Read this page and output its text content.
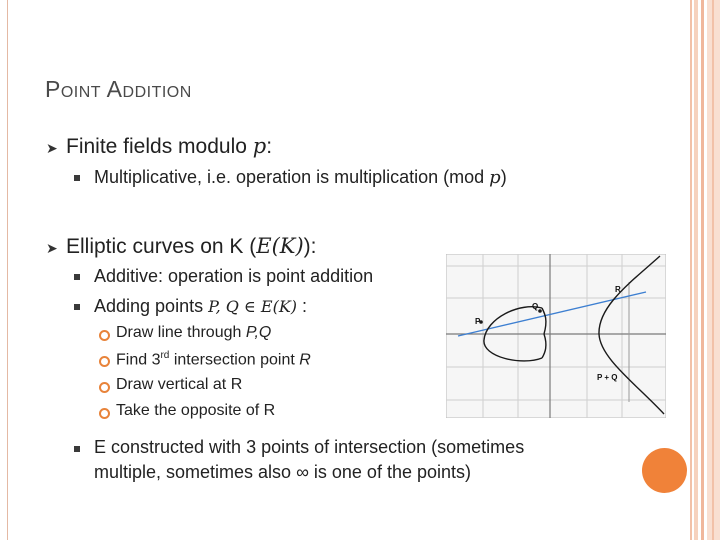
Point Addition
➤ Finite fields modulo p:
Multiplicative, i.e. operation is multiplication (mod p)
➤ Elliptic curves on K (E(K)):
Additive: operation is point addition
Adding points P, Q ∈ E(K) :
Draw line through P,Q
Find 3rd intersection point R
Draw vertical at R
Take the opposite of R
E constructed with 3 points of intersection (sometimes
multiple, sometimes also ∞ is one of the points)
P
Q
R
P + Q
